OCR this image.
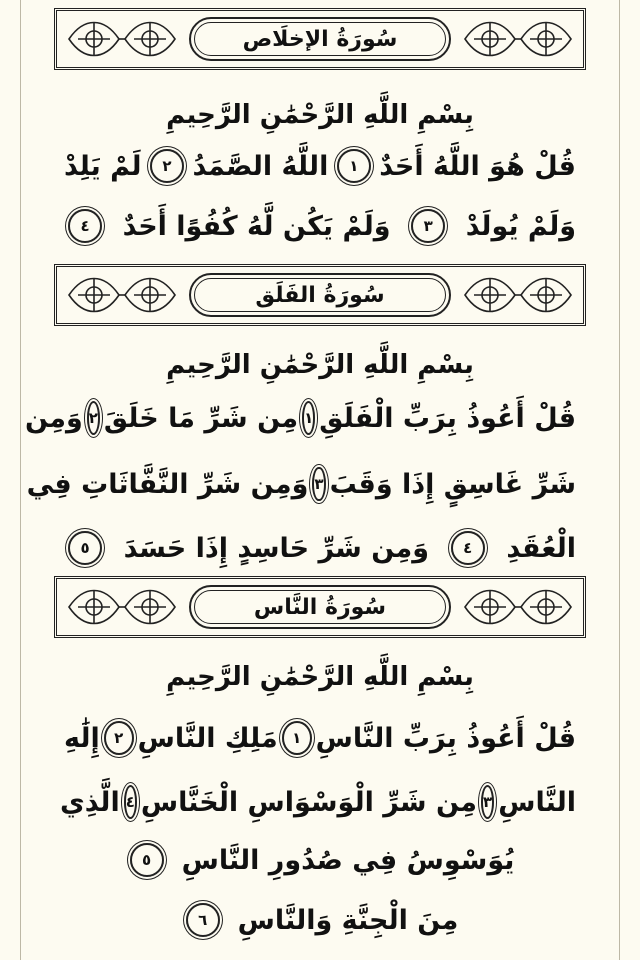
سُورَةُ الإخلَاص
بِسْمِ اللَّهِ الرَّحْمَٰنِ الرَّحِيمِ
قُلْ هُوَ اللَّهُ أَحَدٌ
١
اللَّهُ الصَّمَدُ
٢
لَمْ يَلِدْ
وَلَمْ يُولَدْ
٣
وَلَمْ يَكُن لَّهُ كُفُوًا أَحَدٌ
٤
سُورَةُ الفَلَق
بِسْمِ اللَّهِ الرَّحْمَٰنِ الرَّحِيمِ
قُلْ أَعُوذُ بِرَبِّ الْفَلَقِ
١
مِن شَرِّ مَا خَلَقَ
٢
وَمِن
شَرِّ غَاسِقٍ إِذَا وَقَبَ
٣
وَمِن شَرِّ النَّفَّاثَاتِ فِي
الْعُقَدِ
٤
وَمِن شَرِّ حَاسِدٍ إِذَا حَسَدَ
٥
سُورَةُ النَّاس
بِسْمِ اللَّهِ الرَّحْمَٰنِ الرَّحِيمِ
قُلْ أَعُوذُ بِرَبِّ النَّاسِ
١
مَلِكِ النَّاسِ
٢
إِلَٰهِ
النَّاسِ
٣
مِن شَرِّ الْوَسْوَاسِ الْخَنَّاسِ
٤
الَّذِي
يُوَسْوِسُ فِي صُدُورِ النَّاسِ
٥
مِنَ الْجِنَّةِ وَالنَّاسِ
٦
